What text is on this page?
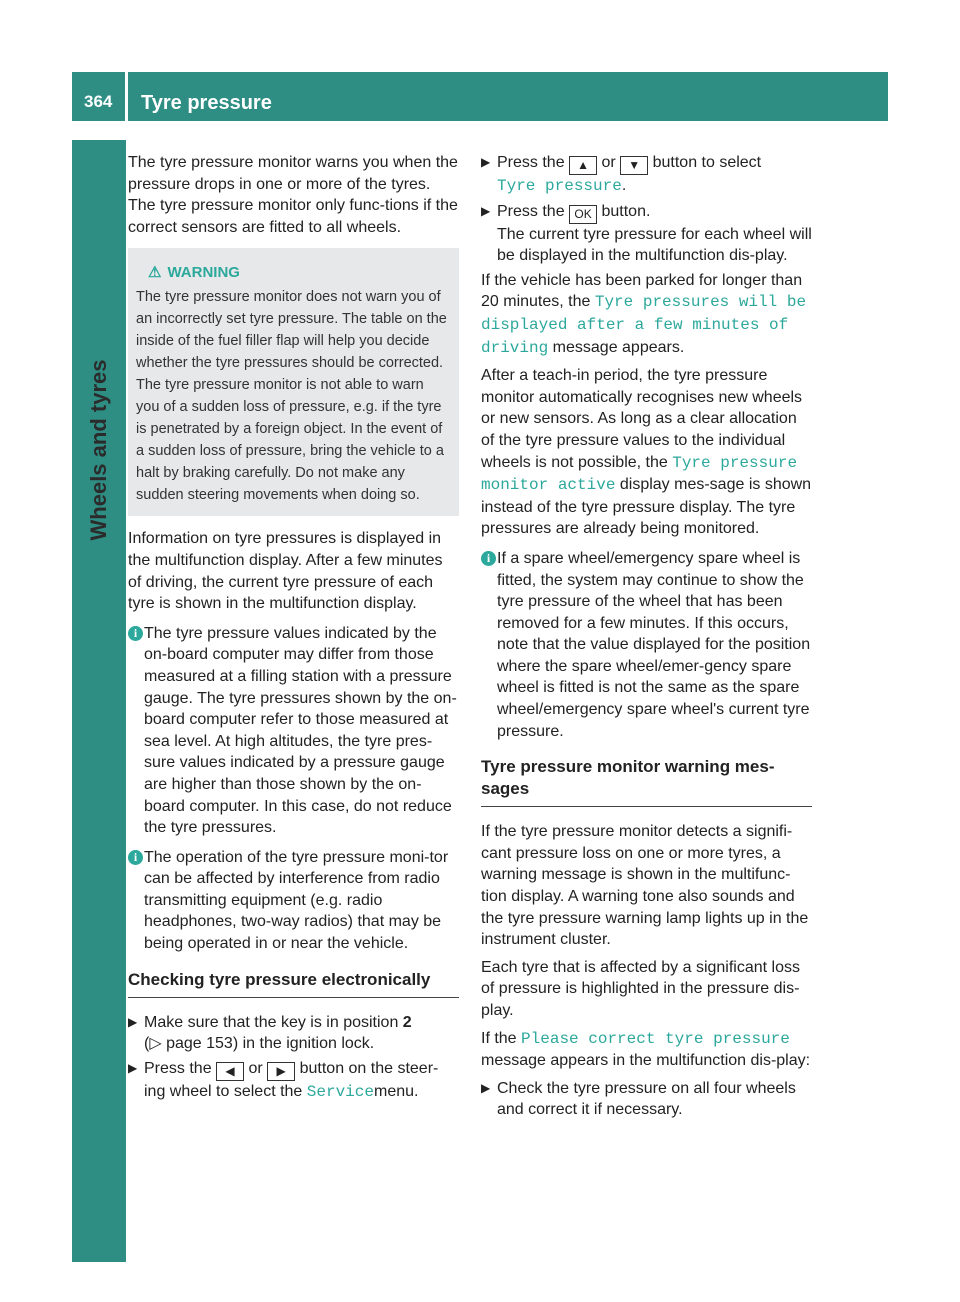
364 Tyre pressure
Wheels and tyres

The tyre pressure monitor warns you when the pressure drops in one or more of the tyres. The tyre pressure monitor only func-tions if the correct sensors are fitted to all wheels.

⚠ WARNING

The tyre pressure monitor does not warn you of an incorrectly set tyre pressure. The table on the inside of the fuel filler flap will help you decide whether the tyre pressures should be corrected.

The tyre pressure monitor is not able to warn you of a sudden loss of pressure, e.g. if the tyre is penetrated by a foreign object. In the event of a sudden loss of pressure, bring the vehicle to a halt by braking carefully. Do not make any sudden steering movements when doing so.

Information on tyre pressures is displayed in the multifunction display. After a few minutes of driving, the current tyre pressure of each tyre is shown in the multifunction display.

i The tyre pressure values indicated by the on-board computer may differ from those measured at a filling station with a pressure gauge. The tyre pressures shown by the on-board computer refer to those measured at sea level. At high altitudes, the tyre pres-sure values indicated by a pressure gauge are higher than those shown by the on-board computer. In this case, do not reduce the tyre pressures.
i The operation of the tyre pressure moni-tor can be affected by interference from radio transmitting equipment (e.g. radio headphones, two-way radios) that may be being operated in or near the vehicle.
Checking tyre pressure electronically
▶ Make sure that the key is in position 2
(▷ page 153) in the ignition lock.
▶ Press the ◀ or ▶ button on the steer-ing wheel to select the Servicemenu.
▶ Press the ▲ or ▼ button to select
Tyre pressure.
▶ Press the OK button.
The current tyre pressure for each wheel will be displayed in the multifunction dis-play.

If the vehicle has been parked for longer than 20 minutes, the Tyre pressures will be displayed after a few minutes of driving message appears.

After a teach-in period, the tyre pressure monitor automatically recognises new wheels or new sensors. As long as a clear allocation of the tyre pressure values to the individual wheels is not possible, the Tyre pressure monitor active display mes-sage is shown instead of the tyre pressure display. The tyre pressures are already being monitored.

i If a spare wheel/emergency spare wheel is fitted, the system may continue to show the tyre pressure of the wheel that has been removed for a few minutes. If this occurs, note that the value displayed for the position where the spare wheel/emer-gency spare wheel is fitted is not the same as the spare wheel/emergency spare wheel's current tyre pressure.
Tyre pressure monitor warning mes-sages

If the tyre pressure monitor detects a signifi-cant pressure loss on one or more tyres, a warning message is shown in the multifunc-tion display. A warning tone also sounds and the tyre pressure warning lamp lights up in the instrument cluster.

Each tyre that is affected by a significant loss of pressure is highlighted in the pressure dis-play.

If the Please correct tyre pressure message appears in the multifunction dis-play:

▶ Check the tyre pressure on all four wheels and correct it if necessary.
